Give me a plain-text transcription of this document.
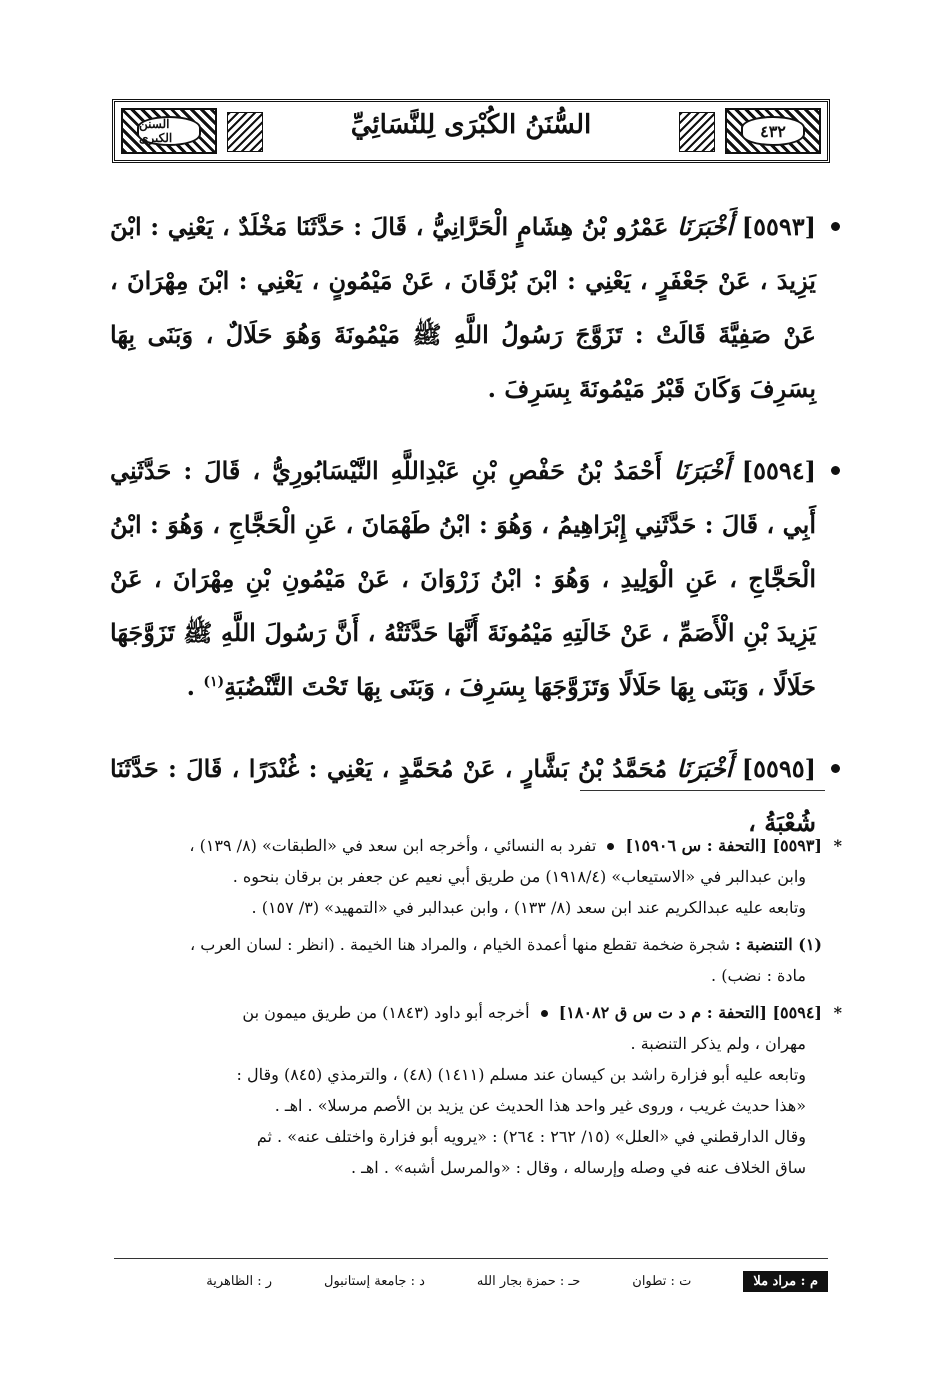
٤٣٢
السُّنَنُ الكُبْرَى لِلنَّسَائِيِّ
السنن الكبرى
[٥٥٩٣] أَخْبَرَنَا عَمْرُو بْنُ هِشَامٍ الْحَرَّانِيُّ ، قَالَ : حَدَّثَنَا مَخْلَدٌ ، يَعْنِي : ابْنَ يَزِيدَ ، عَنْ جَعْفَرٍ ، يَعْنِي : ابْنَ بُرْقَانَ ، عَنْ مَيْمُونٍ ، يَعْنِي : ابْنَ مِهْرَانَ ، عَنْ صَفِيَّةَ قَالَتْ : تَزَوَّجَ رَسُولُ اللَّهِ ﷺ مَيْمُونَةَ وَهُوَ حَلَالٌ ، وَبَنَى بِهَا بِسَرِفَ وَكَانَ قَبْرُ مَيْمُونَةَ بِسَرِفَ .
[٥٥٩٤] أَخْبَرَنَا أَحْمَدُ بْنُ حَفْصِ بْنِ عَبْدِاللَّهِ النَّيْسَابُورِيُّ ، قَالَ : حَدَّثَنِي أَبِي ، قَالَ : حَدَّثَنِي إِبْرَاهِيمُ ، وَهُوَ : ابْنُ طَهْمَانَ ، عَنِ الْحَجَّاجِ ، وَهُوَ : ابْنُ الْحَجَّاجِ ، عَنِ الْوَلِيدِ ، وَهُوَ : ابْنُ زَرْوَانَ ، عَنْ مَيْمُونِ بْنِ مِهْرَانَ ، عَنْ يَزِيدَ بْنِ الْأَصَمِّ ، عَنْ خَالَتِهِ مَيْمُونَةَ أَنَّهَا حَدَّثَتْهُ ، أَنَّ رَسُولَ اللَّهِ ﷺ تَزَوَّجَهَا حَلَالًا ، وَبَنَى بِهَا حَلَالًا وَتَزَوَّجَهَا بِسَرِفَ ، وَبَنَى بِهَا تَحْتَ التَّنْضُبَةِ$^{(١)}$ .
[٥٥٩٥] أَخْبَرَنَا مُحَمَّدُ بْنُ بَشَّارٍ ، عَنْ مُحَمَّدٍ ، يَعْنِي : غُنْدَرًا ، قَالَ : حَدَّثَنَا شُعْبَةُ ،
*
[٥٥٩٣] [التحفة : س ١٥٩٠٦]  تفرد به النسائي ، وأخرجه ابن سعد في «الطبقات» (٨/ ١٣٩) ،
وابن عبدالبر في «الاستيعاب» (١٩١٨/٤) من طريق أبي نعيم عن جعفر بن برقان بنحوه .
وتابعه عليه عبدالكريم عند ابن سعد (٨/ ١٣٣) ، وابن عبدالبر في «التمهيد» (٣/ ١٥٧) .
(١) التنضبة : شجرة ضخمة تقطع منها أعمدة الخيام ، والمراد هنا الخيمة . (انظر : لسان العرب ،
مادة : نضب) .
*
[٥٥٩٤] [التحفة : م د ت س ق ١٨٠٨٢]  أخرجه أبو داود (١٨٤٣) من طريق ميمون بن
مهران ، ولم يذكر التنضبة .
وتابعه عليه أبو فزارة راشد بن كيسان عند مسلم (١٤١١) (٤٨) ، والترمذي (٨٤٥) وقال :
«هذا حديث غريب ، وروى غير واحد هذا الحديث عن يزيد بن الأصم مرسلا» . اهـ .
وقال الدارقطني في «العلل» (١٥/ ٢٦٢ : ٢٦٤) : «يرويه أبو فزارة واختلف عنه» . ثم
ساق الخلاف عنه في وصله وإرساله ، وقال : «والمرسل أشبه» . اهـ .
م : مراد ملا
ت : تطوان
حـ : حمزة بجار الله
د : جامعة إستانبول
ر : الظاهرية
